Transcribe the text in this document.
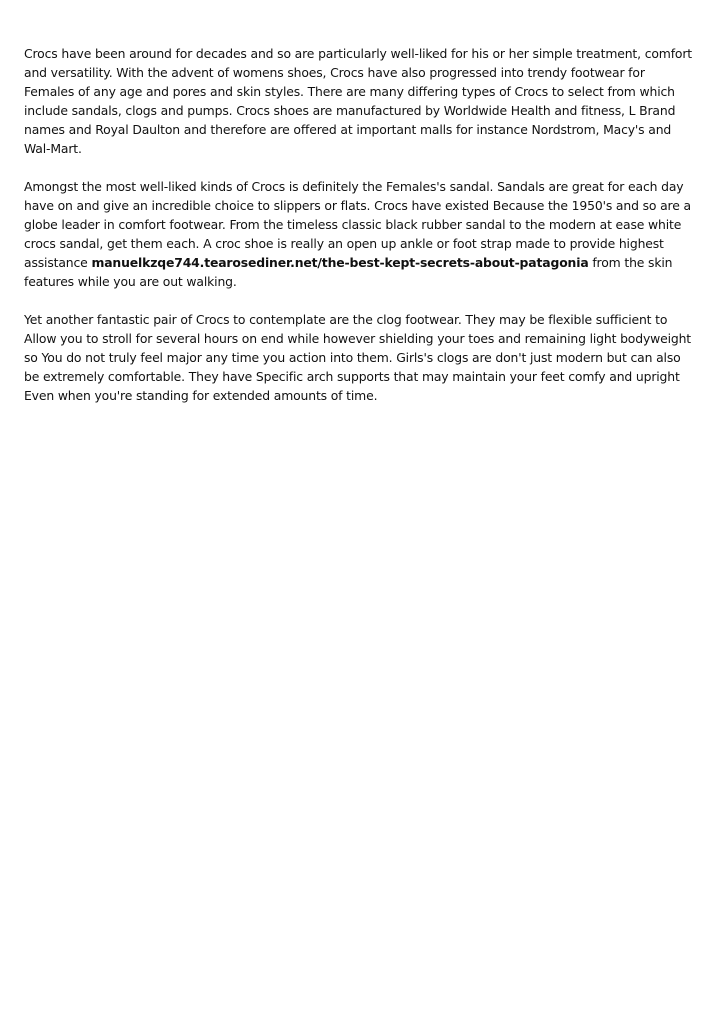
Crocs have been around for decades and so are particularly well-liked for his or her simple treatment, comfort and versatility. With the advent of womens shoes, Crocs have also progressed into trendy footwear for Females of any age and pores and skin styles. There are many differing types of Crocs to select from which include sandals, clogs and pumps. Crocs shoes are manufactured by Worldwide Health and fitness, L Brand names and Royal Daulton and therefore are offered at important malls for instance Nordstrom, Macy's and Wal-Mart.

Amongst the most well-liked kinds of Crocs is definitely the Females's sandal. Sandals are great for each day have on and give an incredible choice to slippers or flats. Crocs have existed Because the 1950's and so are a globe leader in comfort footwear. From the timeless classic black rubber sandal to the modern at ease white crocs sandal, get them each. A croc shoe is really an open up ankle or foot strap made to provide highest assistance manuelkzqe744.tearosediner.net/the-best-kept-secrets-about-patagonia from the skin features while you are out walking.

Yet another fantastic pair of Crocs to contemplate are the clog footwear. They may be flexible sufficient to Allow you to stroll for several hours on end while however shielding your toes and remaining light bodyweight so You do not truly feel major any time you action into them. Girls's clogs are don't just modern but can also be extremely comfortable. They have Specific arch supports that may maintain your feet comfy and upright Even when you're standing for extended amounts of time.
